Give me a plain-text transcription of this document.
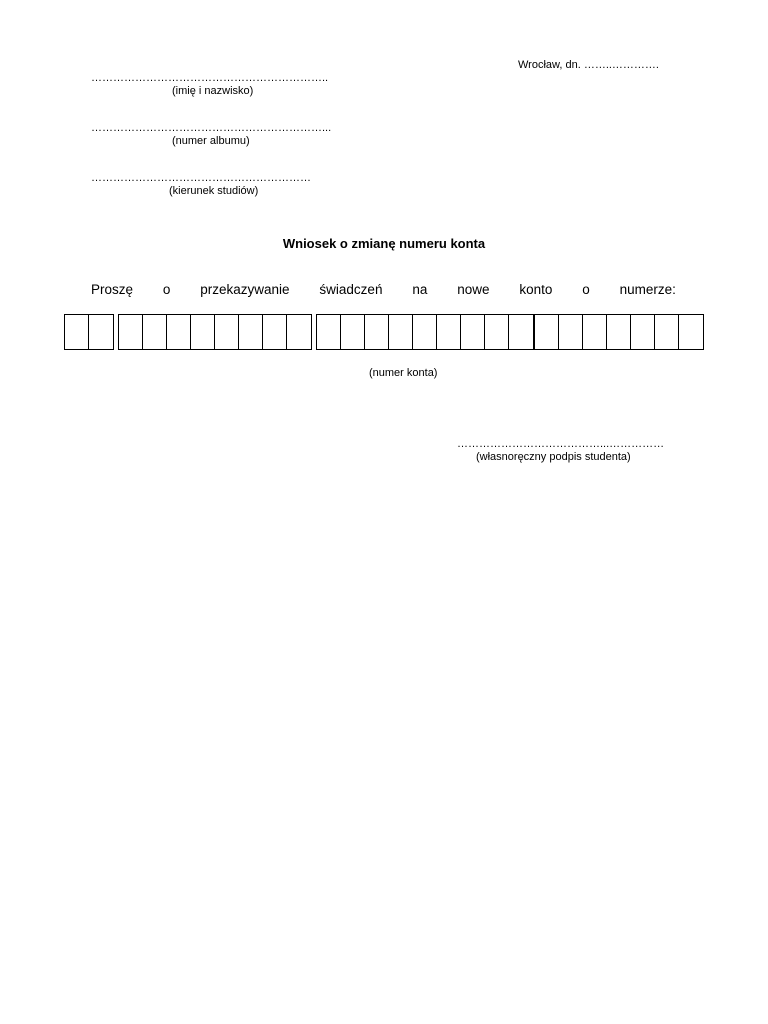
Wrocław, dn. ……..………….
………………………………………………………..
(imię i nazwisko)
………………………………………………………...
(numer albumu)
……………………………………………………
(kierunek studiów)
Wniosek o zmianę numeru konta
Proszę o przekazywanie świadczeń na nowe konto o numerze:
(numer konta)
…………………………………...……………
(własnoręczny podpis studenta)
